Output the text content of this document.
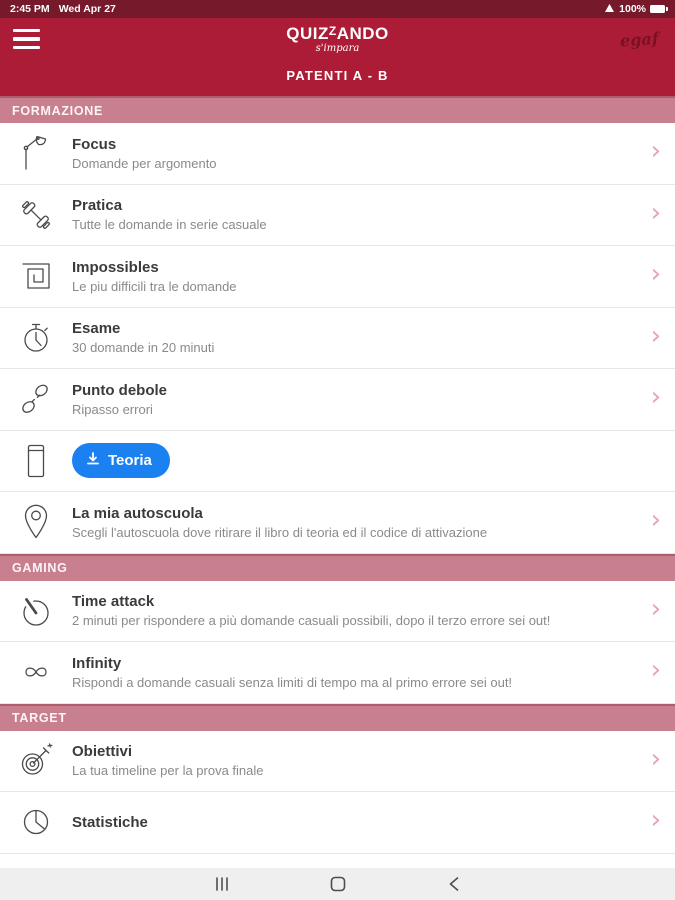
2:45 PM Wed Apr 27	100%
$QUIZ^ZANDO$
s'impara	egaf
PATENTI A - B
FORMAZIONE
Focus
Domande per argomento	›
Pratica
Tutte le domande in serie casuale	›
Impossibles
Le piu difficili tra le domande	›
Esame
30 domande in 20 minuti	›
Punto debole
Ripasso errori	›
Teoria
La mia autoscuola
Scegli l'autoscuola dove ritirare il libro di teoria ed il codice di attivazione	›
GAMING
Time attack
2 minuti per rispondere a più domande casuali possibili, dopo il terzo errore sei out!	›
Infinity
Rispondi a domande casuali senza limiti di tempo ma al primo errore sei out!	›
TARGET
Obiettivi
La tua timeline per la prova finale	›
Statistiche	›
